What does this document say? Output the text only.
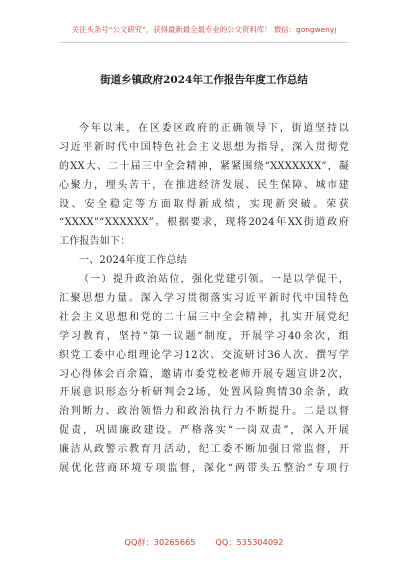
关注头条号“公文研究”，获得最新最全最专业的公文资料库！ 微信：gongwenyj
街道乡镇政府2024年工作报告年度工作总结
今年以来，在区委区政府的正确领导下，街道坚持以
习近平新时代中国特色社会主义思想为指导，深入贯彻党
的XX大、二十届三中全会精神，紧紧围绕“XXXXXXX”，凝
心聚力，埋头苦干，在推进经济发展、民生保障、城市建
设、安全稳定等方面取得新成绩，实现新突破。荣获
“XXXX”“XXXXXX”。根据要求，现将2024年XX街道政府
工作报告如下：
一、2024年度工作总结
（一）提升政治站位，强化党建引领。一是以学促干，
汇聚思想力量。深入学习贯彻落实习近平新时代中国特色
社会主义思想和党的二十届三中全会精神，扎实开展党纪
学习教育，坚持“第一议题”制度，开展学习40余次，组
织党工委中心组理论学习12次、交流研讨36人次、撰写学
习心得体会百余篇，邀请市委党校老师开展专题宣讲2次，
开展意识形态分析研判会2场，处置风险舆情30余条，政
治判断力、政治领悟力和政治执行力不断提升。二是以督
促责，巩固廉政建设。严格落实“一岗双责”，深入开展
廉洁从政警示教育月活动，纪工委不断加强日常监督，开
展优化营商环境专项监督，深化“两带头五整治”专项行
QQ群：30265665 QQ：535304092
